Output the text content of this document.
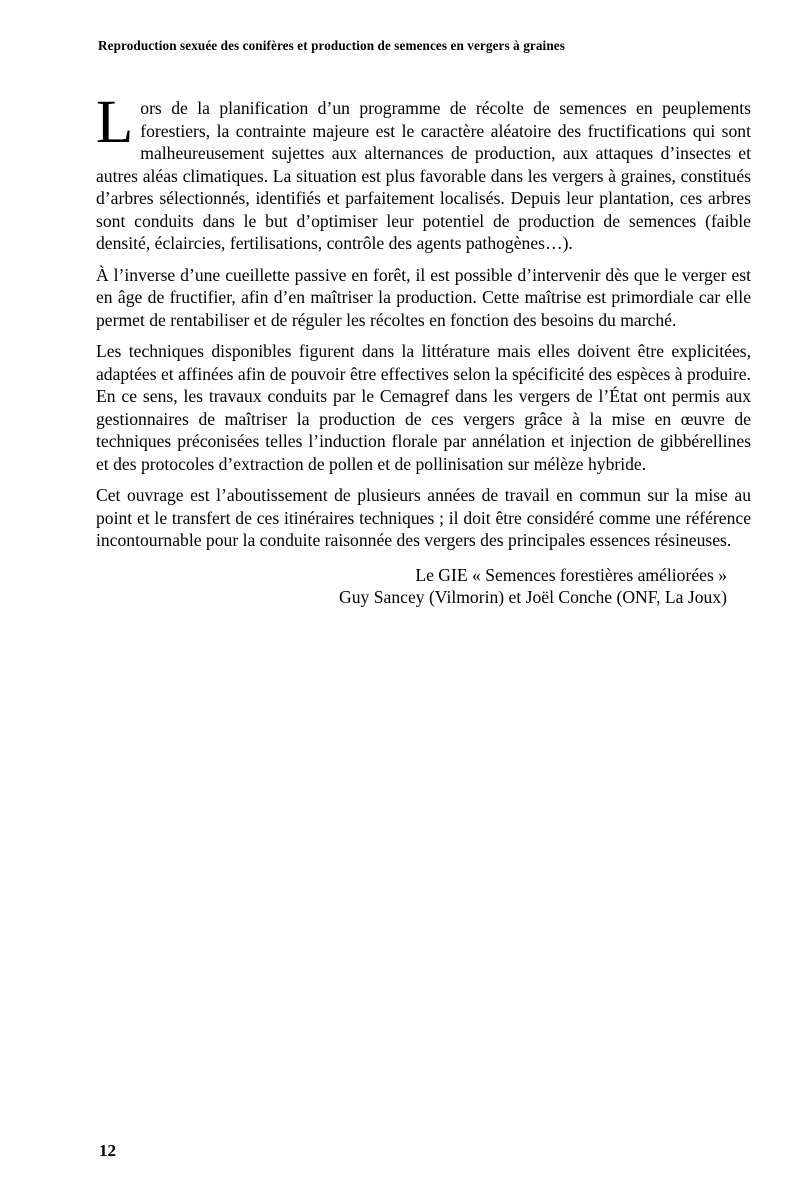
Reproduction sexuée des conifères et production de semences en vergers à graines

Lors de la planification d’un programme de récolte de semences en peuplements forestiers, la contrainte majeure est le caractère aléatoire des fructifications qui sont malheureusement sujettes aux alternances de production, aux attaques d’insectes et autres aléas climatiques. La situation est plus favorable dans les vergers à graines, constitués d’arbres sélectionnés, identifiés et parfaitement localisés. Depuis leur plantation, ces arbres sont conduits dans le but d’optimiser leur potentiel de production de semences (faible densité, éclaircies, fertilisations, contrôle des agents pathogènes…).

À l’inverse d’une cueillette passive en forêt, il est possible d’intervenir dès que le verger est en âge de fructifier, afin d’en maîtriser la production. Cette maîtrise est primordiale car elle permet de rentabiliser et de réguler les récoltes en fonction des besoins du marché.

Les techniques disponibles figurent dans la littérature mais elles doivent être explicitées, adaptées et affinées afin de pouvoir être effectives selon la spécificité des espèces à produire. En ce sens, les travaux conduits par le Cemagref dans les vergers de l’État ont permis aux gestionnaires de maîtriser la production de ces vergers grâce à la mise en œuvre de techniques préconisées telles l’induction florale par annélation et injection de gibbérellines et des protocoles d’extraction de pollen et de pollinisation sur mélèze hybride.

Cet ouvrage est l’aboutissement de plusieurs années de travail en commun sur la mise au point et le transfert de ces itinéraires techniques ; il doit être considéré comme une référence incontournable pour la conduite raisonnée des vergers des principales essences résineuses.

Le GIE « Semences forestières améliorées »
Guy Sancey (Vilmorin) et Joël Conche (ONF, La Joux)
12
